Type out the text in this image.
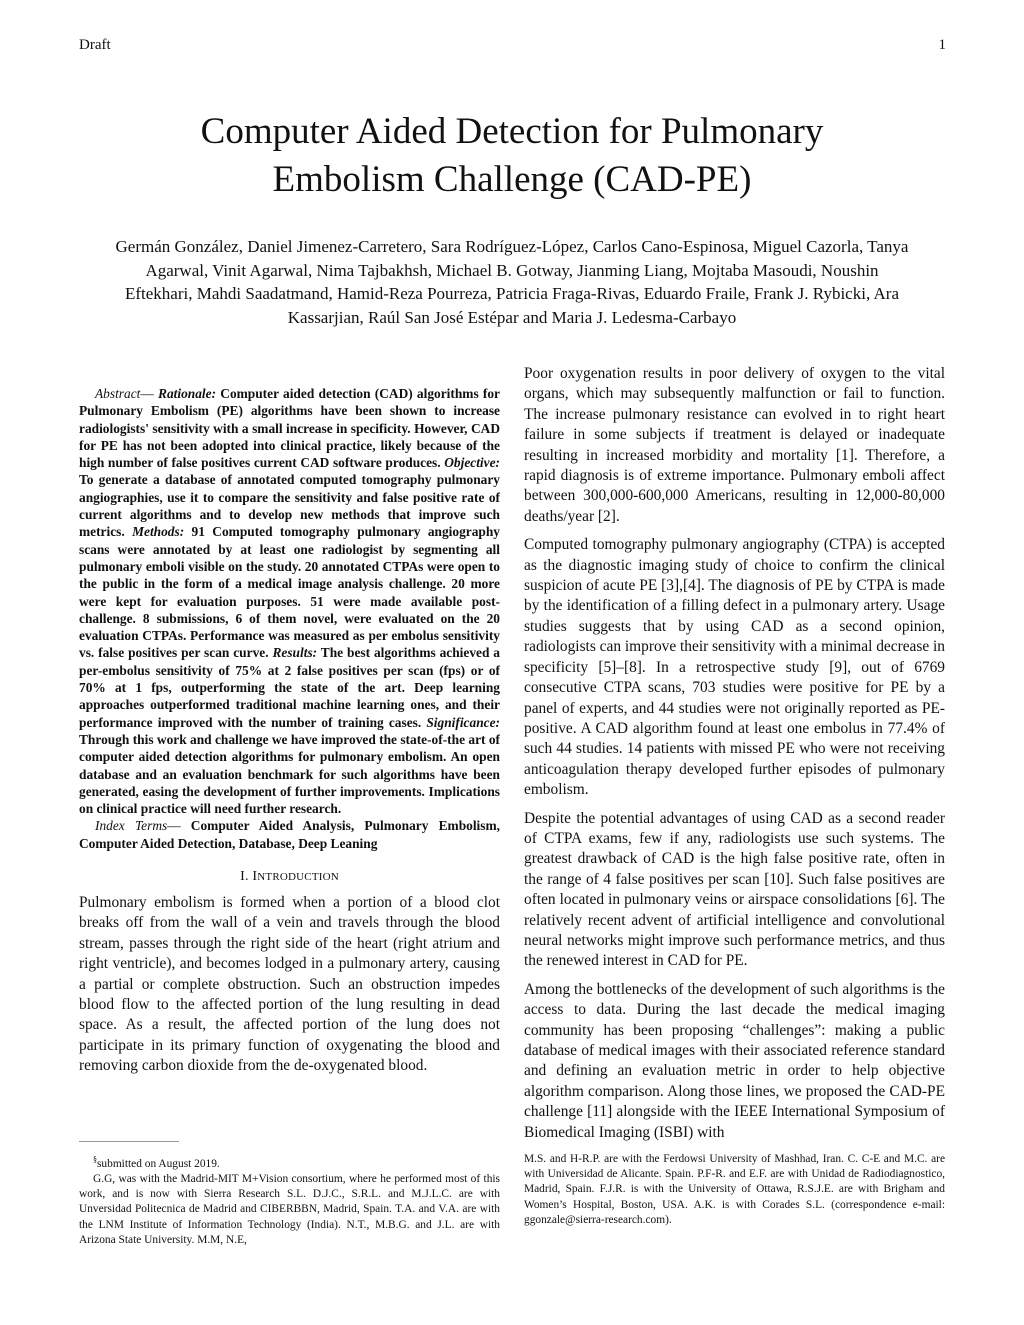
Draft	1
Computer Aided Detection for Pulmonary
Embolism Challenge (CAD-PE)
Germán González, Daniel Jimenez-Carretero, Sara Rodríguez-López, Carlos Cano-Espinosa, Miguel Cazorla, Tanya Agarwal, Vinit Agarwal, Nima Tajbakhsh, Michael B. Gotway, Jianming Liang, Mojtaba Masoudi, Noushin Eftekhari, Mahdi Saadatmand, Hamid-Reza Pourreza, Patricia Fraga-Rivas, Eduardo Fraile, Frank J. Rybicki, Ara Kassarjian, Raúl San José Estépar and Maria J. Ledesma-Carbayo

Abstract— Rationale: Computer aided detection (CAD) algorithms for Pulmonary Embolism (PE) algorithms have been shown to increase radiologists' sensitivity with a small increase in specificity. However, CAD for PE has not been adopted into clinical practice, likely because of the high number of false positives current CAD software produces. Objective: To generate a database of annotated computed tomography pulmonary angiographies, use it to compare the sensitivity and false positive rate of current algorithms and to develop new methods that improve such metrics. Methods: 91 Computed tomography pulmonary angiography scans were annotated by at least one radiologist by segmenting all pulmonary emboli visible on the study. 20 annotated CTPAs were open to the public in the form of a medical image analysis challenge. 20 more were kept for evaluation purposes. 51 were made available post-challenge. 8 submissions, 6 of them novel, were evaluated on the 20 evaluation CTPAs. Performance was measured as per embolus sensitivity vs. false positives per scan curve. Results: The best algorithms achieved a per-embolus sensitivity of 75% at 2 false positives per scan (fps) or of 70% at 1 fps, outperforming the state of the art. Deep learning approaches outperformed traditional machine learning ones, and their performance improved with the number of training cases. Significance: Through this work and challenge we have improved the state-of-the art of computer aided detection algorithms for pulmonary embolism. An open database and an evaluation benchmark for such algorithms have been generated, easing the development of further improvements. Implications on clinical practice will need further research.

Index Terms— Computer Aided Analysis, Pulmonary Embolism, Computer Aided Detection, Database, Deep Leaning

I. INTRODUCTION

Pulmonary embolism is formed when a portion of a blood clot breaks off from the wall of a vein and travels through the blood stream, passes through the right side of the heart (right atrium and right ventricle), and becomes lodged in a pulmonary artery, causing a partial or complete obstruction. Such an obstruction impedes blood flow to the affected portion of the lung resulting in dead space. As a result, the affected portion of the lung does not participate in its primary function of oxygenating the blood and removing carbon dioxide from the de-oxygenated blood.

Poor oxygenation results in poor delivery of oxygen to the vital organs, which may subsequently malfunction or fail to function. The increase pulmonary resistance can evolved in to right heart failure in some subjects if treatment is delayed or inadequate resulting in increased morbidity and mortality [1]. Therefore, a rapid diagnosis is of extreme importance. Pulmonary emboli affect between 300,000-600,000 Americans, resulting in 12,000-80,000 deaths/year [2].

Computed tomography pulmonary angiography (CTPA) is accepted as the diagnostic imaging study of choice to confirm the clinical suspicion of acute PE [3],[4]. The diagnosis of PE by CTPA is made by the identification of a filling defect in a pulmonary artery. Usage studies suggests that by using CAD as a second opinion, radiologists can improve their sensitivity with a minimal decrease in specificity [5]–[8]. In a retrospective study [9], out of 6769 consecutive CTPA scans, 703 studies were positive for PE by a panel of experts, and 44 studies were not originally reported as PE-positive. A CAD algorithm found at least one embolus in 77.4% of such 44 studies. 14 patients with missed PE who were not receiving anticoagulation therapy developed further episodes of pulmonary embolism.

Despite the potential advantages of using CAD as a second reader of CTPA exams, few if any, radiologists use such systems. The greatest drawback of CAD is the high false positive rate, often in the range of 4 false positives per scan [10]. Such false positives are often located in pulmonary veins or airspace consolidations [6]. The relatively recent advent of artificial intelligence and convolutional neural networks might improve such performance metrics, and thus the renewed interest in CAD for PE.

Among the bottlenecks of the development of such algorithms is the access to data. During the last decade the medical imaging community has been proposing “challenges”: making a public database of medical images with their associated reference standard and defining an evaluation metric in order to help objective algorithm comparison. Along those lines, we proposed the CAD-PE challenge [11] alongside with the IEEE International Symposium of Biomedical Imaging (ISBI) with

§submitted on August 2019.

G.G, was with the Madrid-MIT M+Vision consortium, where he performed most of this work, and is now with Sierra Research S.L. D.J.C., S.R.L. and M.J.L.C. are with Unversidad Politecnica de Madrid and CIBERBBN, Madrid, Spain. T.A. and V.A. are with the LNM Institute of Information Technology (India). N.T., M.B.G. and J.L. are with Arizona State University. M.M, N.E,

M.S. and H-R.P. are with the Ferdowsi University of Mashhad, Iran. C. C-E and M.C. are with Universidad de Alicante. Spain. P.F-R. and E.F. are with Unidad de Radiodiagnostico, Madrid, Spain. F.J.R. is with the University of Ottawa, R.S.J.E. are with Brigham and Women’s Hospital, Boston, USA. A.K. is with Corades S.L. (correspondence e-mail: ggonzale@sierra-research.com).
